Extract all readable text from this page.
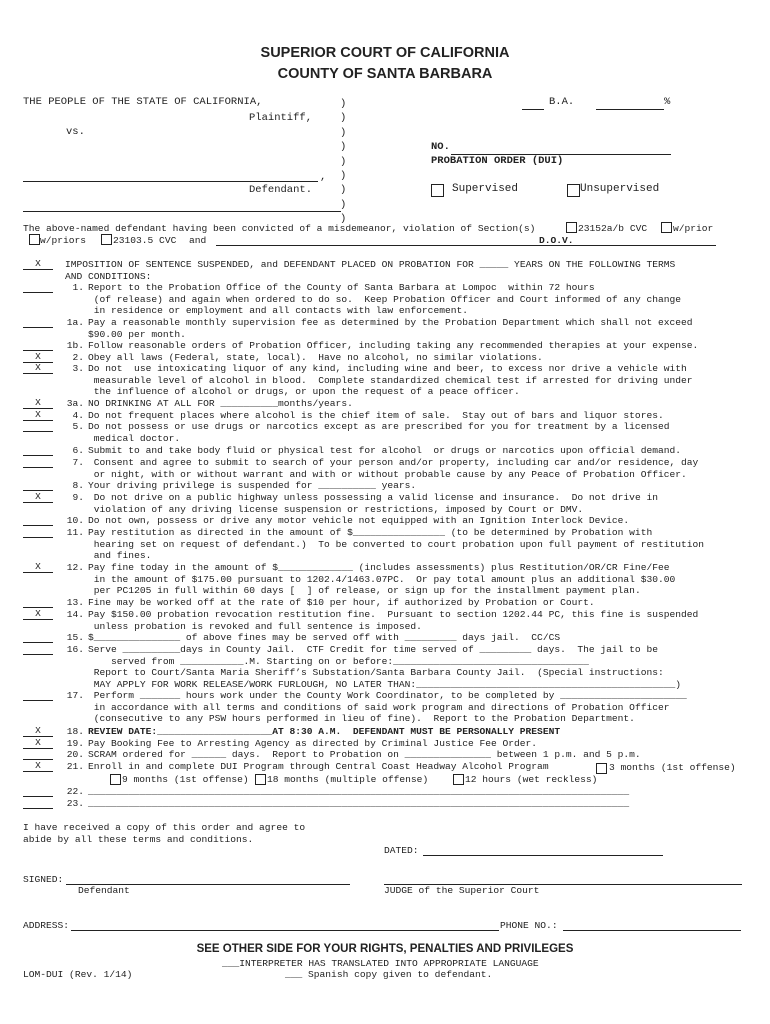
SUPERIOR COURT OF CALIFORNIA
COUNTY OF SANTA BARBARA
THE PEOPLE OF THE STATE OF CALIFORNIA,
Plaintiff,
vs.
,
Defendant.
)
)
)
)
)
)
)
)
)
B.A.	%
NO.
PROBATION ORDER (DUI)
Supervised	Unsupervised
The above-named defendant having been convicted of a misdemeanor, violation of Section(s)	23152a/b CVC	w/prior
w/priors	23103.5 CVC and	D.O.V.
X	IMPOSITION OF SENTENCE SUSPENDED, and DEFENDANT PLACED ON PROBATION FOR _____ YEARS ON THE FOLLOWING TERMS
AND CONDITIONS:
1. Report to the Probation Office of the County of Santa Barbara at Lompoc  within 72 hours
(of release) and again when ordered to do so.  Keep Probation Officer and Court informed of any change
in residence or employment and all contacts with law enforcement.
1a. Pay a reasonable monthly supervision fee as determined by the Probation Department which shall not exceed
$90.00 per month.
1b. Follow reasonable orders of Probation Officer, including taking any recommended therapies at your expense.
X	2. Obey all laws (Federal, state, local).  Have no alcohol, no similar violations.
X	3. Do not  use intoxicating liquor of any kind, including wine and beer, to excess nor drive a vehicle with
measurable level of alcohol in blood.  Complete standardized chemical test if arrested for driving under
the influence of alcohol or drugs, or upon the request of a peace officer.
X	3a. NO DRINKING AT ALL FOR __________months/years.
X	4. Do not frequent places where alcohol is the chief item of sale.  Stay out of bars and liquor stores.
5. Do not possess or use drugs or narcotics except as are prescribed for you for treatment by a licensed
medical doctor.
6. Submit to and take body fluid or physical test for alcohol  or drugs or narcotics upon official demand.
7.	Consent and agree to submit to search of your person and/or property, including car and/or residence, day
or night, with or without warrant and with or without probable cause by any Peace of Probation Officer.
8. Your driving privilege is suspended for __________ years.
X	9.	Do not drive on a public highway unless possessing a valid license and insurance.  Do not drive in
violation of any driving license suspension or restrictions, imposed by Court or DMV.
10. Do not own, possess or drive any motor vehicle not equipped with an Ignition Interlock Device.
11. Pay restitution as directed in the amount of $________________ (to be determined by Probation with
hearing set on request of defendant.)  To be converted to court probation upon full payment of restitution
and fines.
X	12. Pay fine today in the amount of $_____________ (includes assessments) plus Restitution/OR/CR Fine/Fee
in the amount of $175.00 pursuant to 1202.4/1463.07PC.  Or pay total amount plus an additional $30.00
per PC1205 in full within 60 days [  ] of release, or sign up for the installment payment plan.
13. Fine may be worked off at the rate of $10 per hour, if authorized by Probation or Court.
X	14. Pay $150.00 probation revocation restitution fine.  Pursuant to section 1202.44 PC, this fine is suspended
unless probation is revoked and full sentence is imposed.
15. $_______________ of above fines may be served off with _________ days jail.  CC/CS
16. Serve __________days in County Jail.  CTF Credit for time served of _________ days.  The jail to be
served from ___________.M. Starting on or before:__________________________________
Report to Court/Santa Maria Sheriff’s Substation/Santa Barbara County Jail.  (Special instructions:
MAY APPLY FOR WORK RELEASE/WORK FURLOUGH, NO LATER THAN:_____________________________________________)
17.	Perform _______ hours work under the County Work Coordinator, to be completed by ______________________
in accordance with all terms and conditions of said work program and directions of Probation Officer
(consecutive to any PSW hours performed in lieu of fine).  Report to the Probation Department.
X	18. REVIEW DATE:____________________AT 8:30 A.M.  DEFENDANT MUST BE PERSONALLY PRESENT
X	19. Pay Booking Fee to Arresting Agency as directed by Criminal Justice Fee Order.
20. SCRAM ordered for ______ days.  Report to Probation on _______________ between 1 p.m. and 5 p.m.
X	21. Enroll in and complete DUI Program through Central Coast Headway Alcohol Program
22. ______________________________________________________________________________________________
23. ______________________________________________________________________________________________
3 months (1st offense)
9 months (1st offense) 18 months (multiple offense)	12 hours (wet reckless)
I have received a copy of this order and agree to
abide by all these terms and conditions.
DATED:
SIGNED:
Defendant	JUDGE of the Superior Court
ADDRESS:	PHONE NO.:
SEE OTHER SIDE FOR YOUR RIGHTS, PENALTIES AND PRIVILEGES
___INTERPRETER HAS TRANSLATED INTO APPROPRIATE LANGUAGE
LOM-DUI (Rev. 1/14)	___ Spanish copy given to defendant.
